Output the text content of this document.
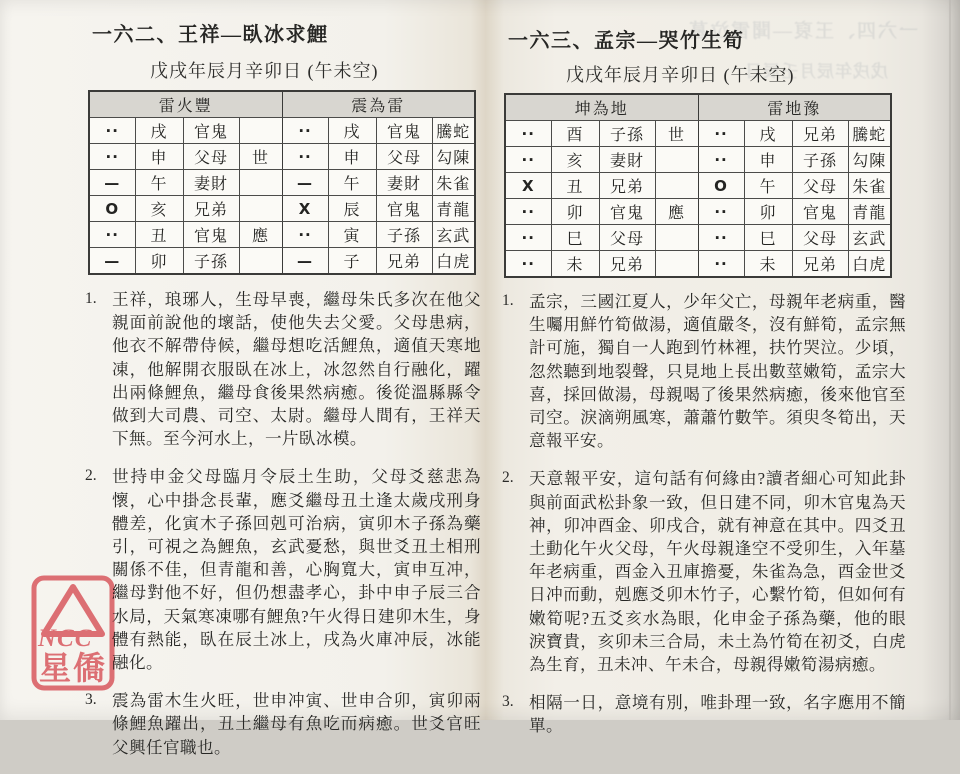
一六二、王祥—臥冰求鯉
戊戌年辰月辛卯日 (午未空)
雷火豐				震為雷			
··	戌	官鬼		··	戌	官鬼	騰蛇
··	申	父母	世	··	申	父母	勾陳
—	午	妻財		—	午	妻財	朱雀
O	亥	兄弟		X	辰	官鬼	青龍
··	丑	官鬼	應	··	寅	子孫	玄武
—	卯	子孫		—	子	兄弟	白虎
1. 王祥，琅琊人，生母早喪，繼母朱氏多次在他父親面前說他的壞話，使他失去父愛。父母患病，他衣不解帶侍候，繼母想吃活鯉魚，適值天寒地凍，他解開衣服臥在冰上，冰忽然自行融化，躍出兩條鯉魚，繼母食後果然病癒。後從溫縣縣令做到大司農、司空、太尉。繼母人間有，王祥天下無。至今河水上，一片臥冰模。
2. 世持申金父母臨月令辰土生助，父母爻慈悲為懷，心中掛念長輩，應爻繼母丑土逢太歲戌刑身體差，化寅木子孫回剋可治病，寅卯木子孫為藥引，可視之為鯉魚，玄武憂愁，與世爻丑土相刑關係不佳，但青龍和善，心胸寬大，寅申互冲，繼母對他不好，但仍想盡孝心，卦中申子辰三合水局，天氣寒凍哪有鯉魚?午火得日建卯木生，身體有熱能，臥在辰土冰上，戌為火庫冲辰，冰能融化。
3. 震為雷木生火旺，世申冲寅、世申合卯，寅卯兩條鯉魚躍出，丑土繼母有魚吃而病癒。世爻官旺父興任官職也。
一六四、王裒—聞雷泣墓
戊戌年辰月壬辰日
一六三、孟宗—哭竹生筍
戊戌年辰月辛卯日 (午未空)
坤為地				雷地豫			
··	酉	子孫	世	··	戌	兄弟	騰蛇
··	亥	妻財		··	申	子孫	勾陳
X	丑	兄弟		O	午	父母	朱雀
··	卯	官鬼	應	··	卯	官鬼	青龍
··	巳	父母		··	巳	父母	玄武
··	未	兄弟		··	未	兄弟	白虎
1. 孟宗，三國江夏人，少年父亡，母親年老病重，醫生囑用鮮竹筍做湯，適值嚴冬，沒有鮮筍，孟宗無計可施，獨自一人跑到竹林裡，扶竹哭泣。少頃，忽然聽到地裂聲，只見地上長出數莖嫩筍，孟宗大喜，採回做湯，母親喝了後果然病癒，後來他官至司空。淚滴朔風寒，蕭蕭竹數竿。須臾冬筍出，天意報平安。
2. 天意報平安，這句話有何緣由?讀者細心可知此卦與前面武松卦象一致，但日建不同，卯木官鬼為天神，卯冲酉金、卯戌合，就有神意在其中。四爻丑土動化午火父母，午火母親逢空不受卯生，入年墓年老病重，酉金入丑庫擔憂，朱雀為急，酉金世爻日冲而動，剋應爻卯木竹子，心繫竹筍，但如何有嫩筍呢?五爻亥水為眼，化申金子孫為藥，他的眼淚寶貴，亥卯未三合局，未土為竹筍在初爻，白虎為生育，丑未冲、午未合，母親得嫩筍湯病癒。
3. 相隔一日，意境有別，唯卦理一致，名字應用不簡單。
NCC
星僑
